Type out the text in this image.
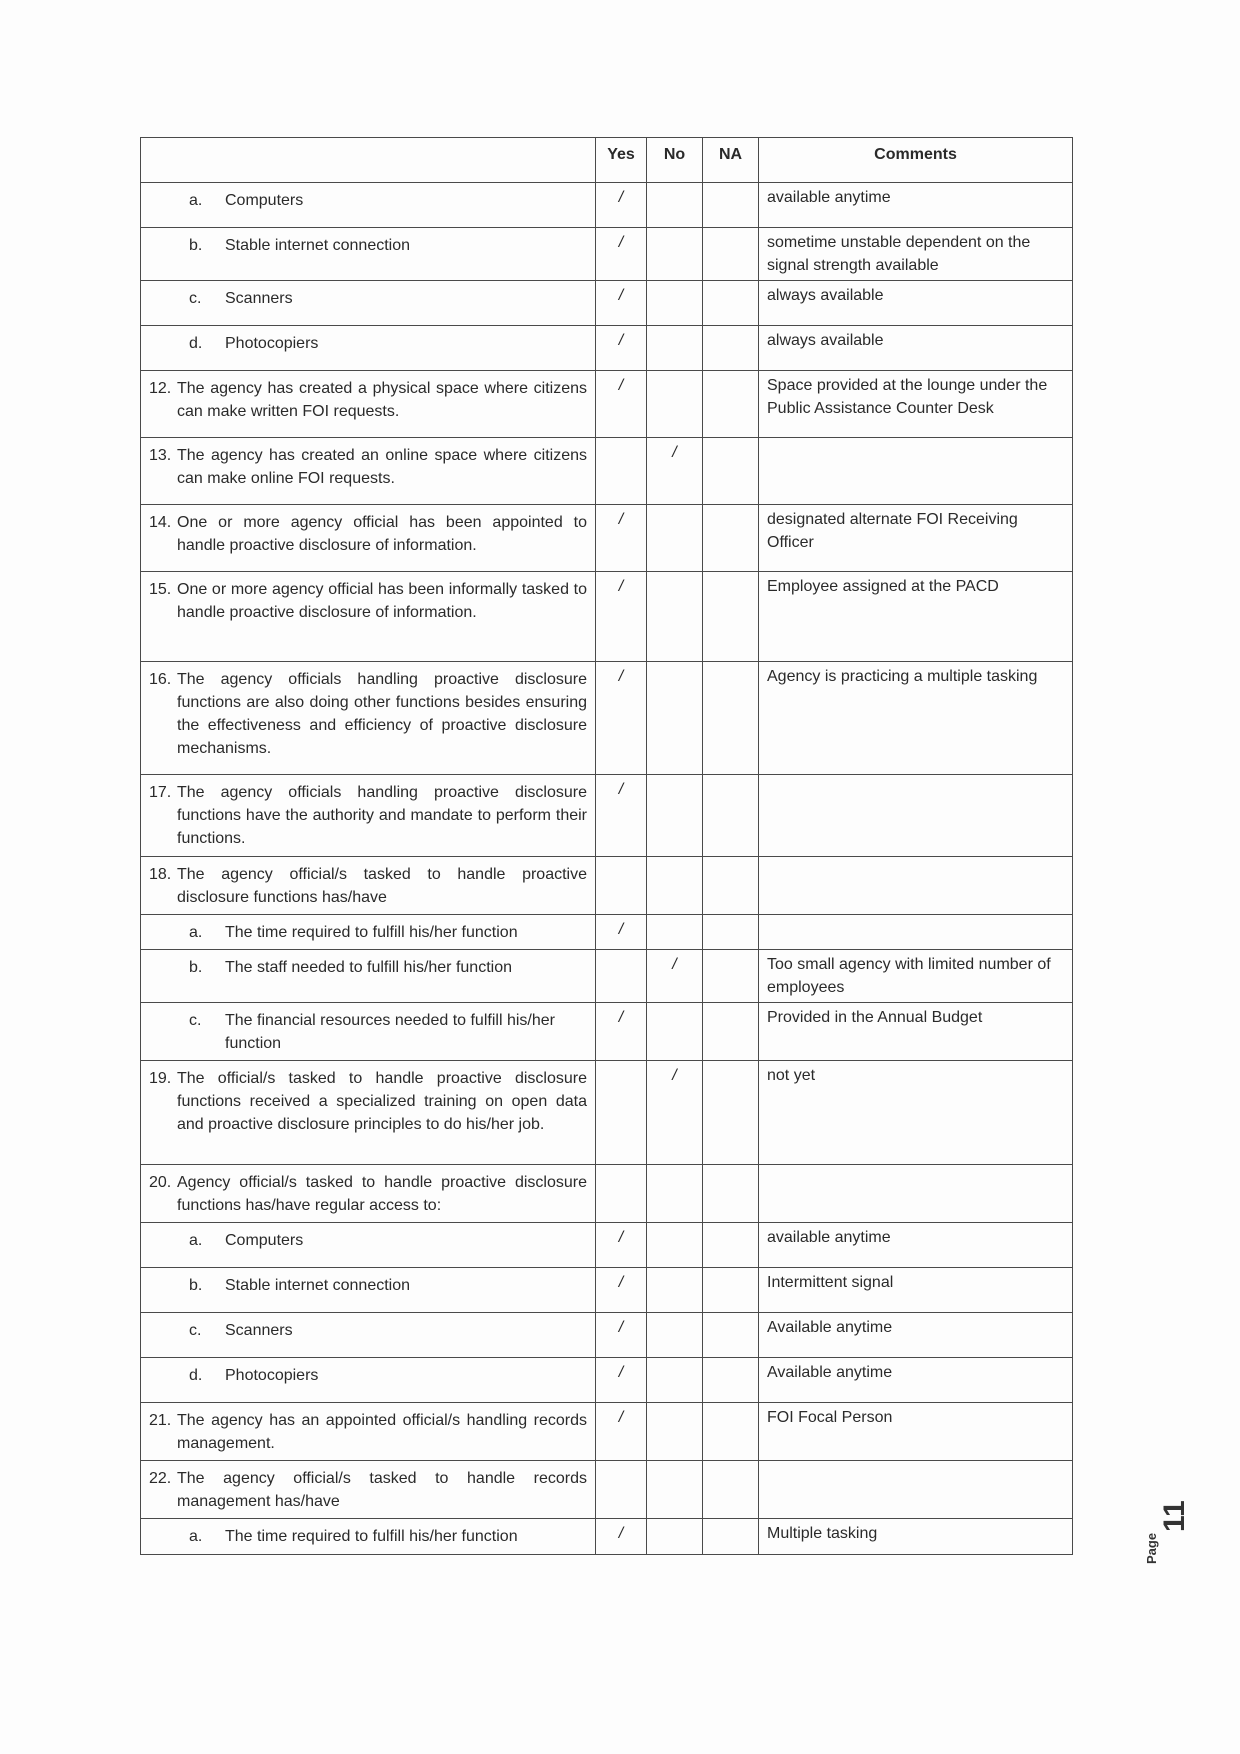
	Yes	No	NA	Comments

a. Computers	/			available anytime

b. Stable internet connection	/			sometime unstable dependent on the signal strength available

c. Scanners	/			always available

d. Photocopiers	/			always available

12. The agency has created a physical space where citizens can make written FOI requests.	/			Space provided at the lounge under the Public Assistance Counter Desk

13. The agency has created an online space where citizens can make online FOI requests.		/		

14. One or more agency official has been appointed to handle proactive disclosure of information.	/			designated alternate FOI Receiving Officer

15. One or more agency official has been informally tasked to handle proactive disclosure of information.	/			Employee assigned at the PACD

16. The agency officials handling proactive disclosure functions are also doing other functions besides ensuring the effectiveness and efficiency of proactive disclosure mechanisms.	/			Agency is practicing a multiple tasking

17. The agency officials handling proactive disclosure functions have the authority and mandate to perform their functions.	/			

18. The agency official/s tasked to handle proactive disclosure functions has/have				

a. The time required to fulfill his/her function	/			

b. The staff needed to fulfill his/her function		/		Too small agency with limited number of employees

c. The financial resources needed to fulfill his/her function	/			Provided in the Annual Budget

19. The official/s tasked to handle proactive disclosure functions received a specialized training on open data and proactive disclosure principles to do his/her job.		/		not yet

20. Agency official/s tasked to handle proactive disclosure functions has/have regular access to:				

a. Computers	/			available anytime

b. Stable internet connection	/			Intermittent signal

c. Scanners	/			Available anytime

d. Photocopiers	/			Available anytime

21. The agency has an appointed official/s handling records management.	/			FOI Focal Person

22. The agency official/s tasked to handle records management has/have				

a. The time required to fulfill his/her function	/			Multiple tasking	Page
11
